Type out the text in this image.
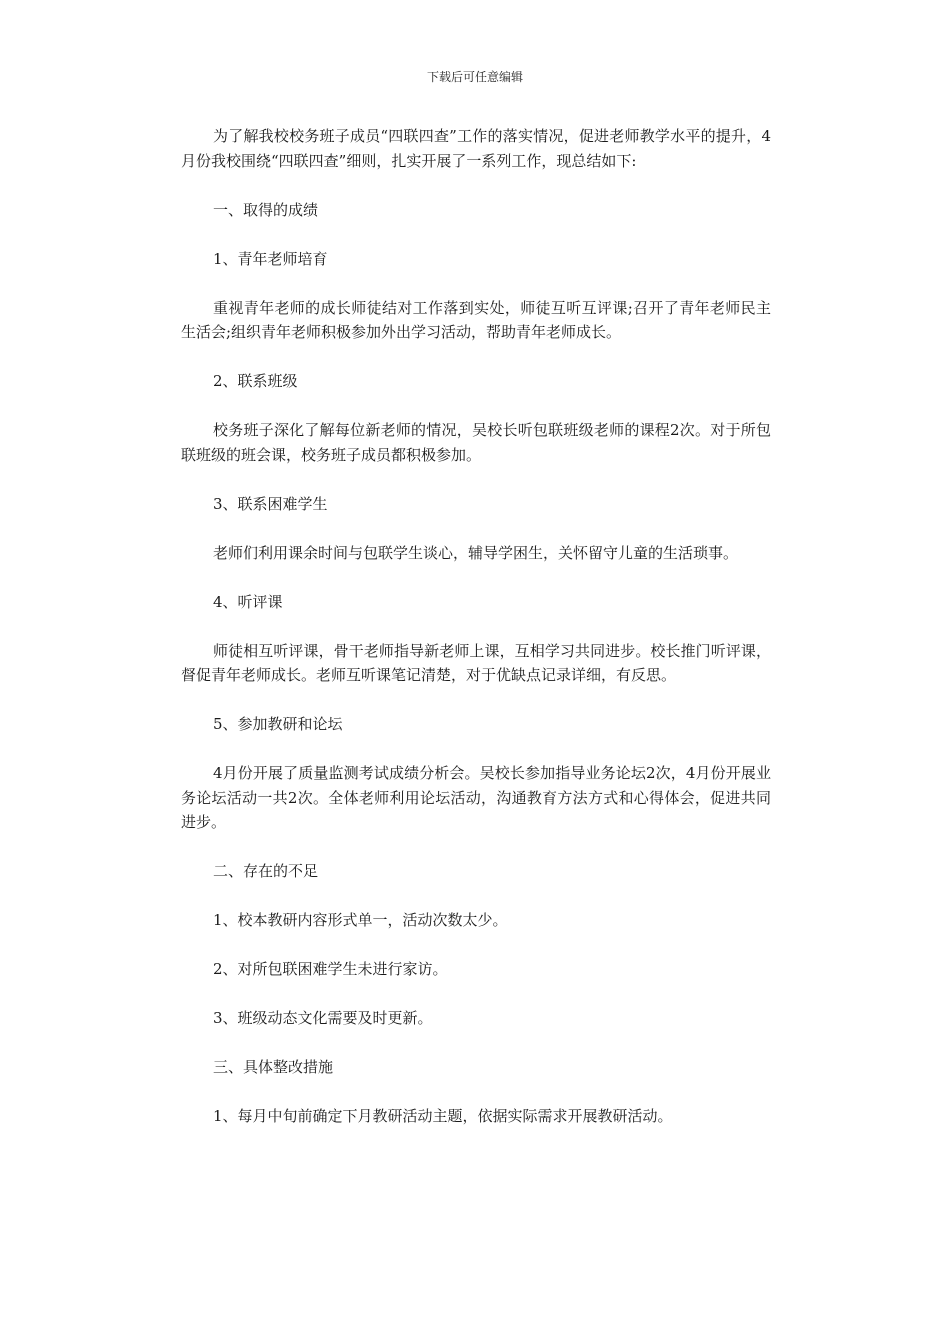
下载后可任意编辑

为了解我校校务班子成员“四联四查”工作的落实情况，促进老师教学水平的提升，4月份我校围绕“四联四查”细则，扎实开展了一系列工作，现总结如下:

一、取得的成绩

1、青年老师培育

重视青年老师的成长师徒结对工作落到实处，师徒互听互评课;召开了青年老师民主生活会;组织青年老师积极参加外出学习活动，帮助青年老师成长。

2、联系班级

校务班子深化了解每位新老师的情况，吴校长听包联班级老师的课程2次。对于所包联班级的班会课，校务班子成员都积极参加。

3、联系困难学生

老师们利用课余时间与包联学生谈心，辅导学困生，关怀留守儿童的生活琐事。

4、听评课

师徒相互听评课，骨干老师指导新老师上课，互相学习共同进步。校长推门听评课，督促青年老师成长。老师互听课笔记清楚，对于优缺点记录详细，有反思。

5、参加教研和论坛

4月份开展了质量监测考试成绩分析会。吴校长参加指导业务论坛2次，4月份开展业务论坛活动一共2次。全体老师利用论坛活动，沟通教育方法方式和心得体会，促进共同进步。

二、存在的不足

1、校本教研内容形式单一，活动次数太少。

2、对所包联困难学生未进行家访。

3、班级动态文化需要及时更新。

三、具体整改措施

1、每月中旬前确定下月教研活动主题，依据实际需求开展教研活动。
